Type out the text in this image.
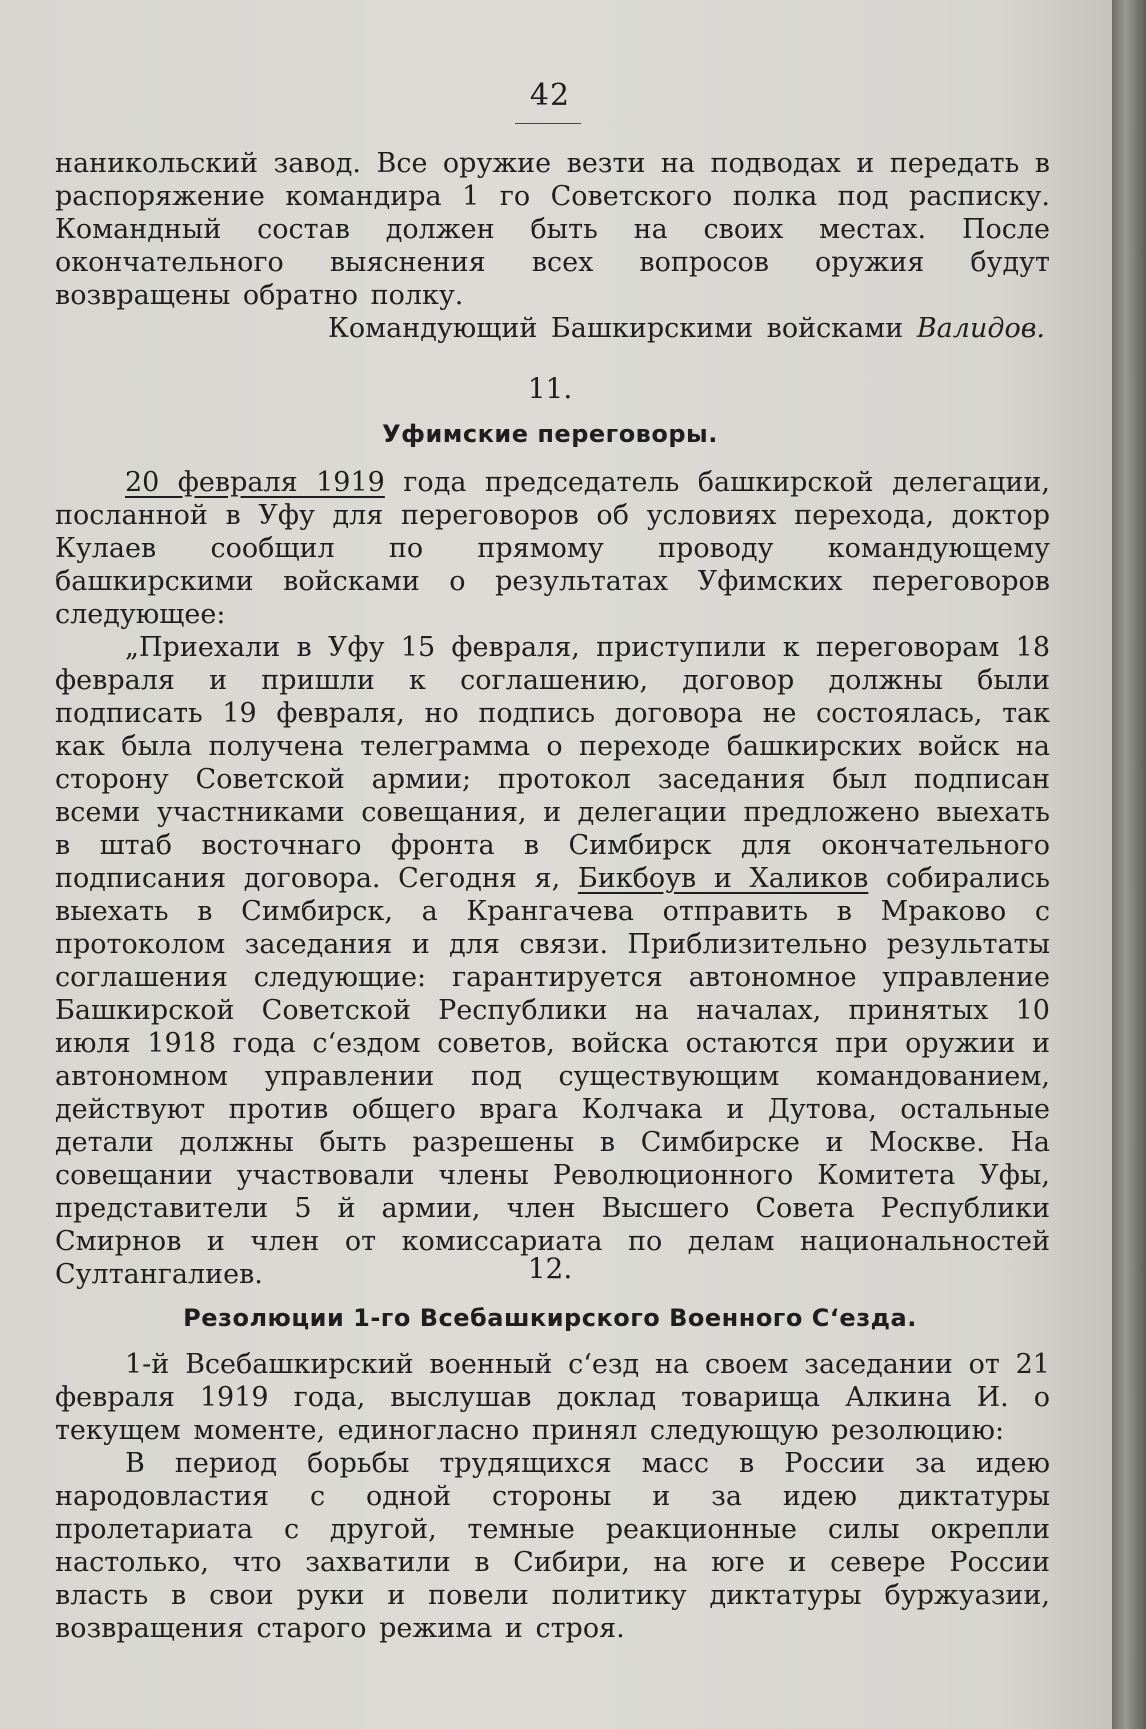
42

наникольский завод. Все оружие везти на подводах и передать в распоряжение командира 1 го Советского полка под расписку. Командный состав должен быть на своих местах. После окончательного выяснения всех вопросов оружия будут возвращены обратно полку.

Командующий Башкирскими войсками Валидов.
11.
Уфимские переговоры.

20 февраля 1919 года председатель башкирской делегации, посланной в Уфу для переговоров об условиях перехода, доктор Кулаев сообщил по прямому проводу командующему башкирскими войсками о результатах Уфимских переговоров следующее:

„Приехали в Уфу 15 февраля, приступили к переговорам 18 февраля и пришли к соглашению, договор должны были подписать 19 февраля, но подпись договора не состоялась, так как была получена телеграмма о переходе башкирских войск на сторону Советской армии; протокол заседания был подписан всеми участниками совещания, и делегации предложено выехать в штаб восточнаго фронта в Симбирск для окончательного подписания договора. Сегодня я, Бикбоув и Халиков собирались выехать в Симбирск, а Крангачева отправить в Мраково с протоколом заседания и для связи. Приблизительно результаты соглашения следующие: гарантируется автономное управление Башкирской Советской Республики на началах, принятых 10 июля 1918 года с‘ездом советов, войска остаются при оружии и автономном управлении под существующим командованием, действуют против общего врага Колчака и Дутова, остальные детали должны быть разрешены в Симбирске и Москве. На совещании участвовали члены Революционного Комитета Уфы, представители 5 й армии, член Высшего Совета Республики Смирнов и член от комиссариата по делам национальностей Султангалиев.	12.
Резолюции 1-го Всебашкирского Военного С‘езда.

1-й Всебашкирский военный с‘езд на своем заседании от 21 февраля 1919 года, выслушав доклад товарища Алкина И. о текущем моменте, единогласно принял следующую резолюцию:

В период борьбы трудящихся масс в России за идею народовластия с одной стороны и за идею диктатуры пролетариата с другой, темные реакционные силы окрепли настолько, что захватили в Сибири, на юге и севере России власть в свои руки и повели политику диктатуры буржуазии, возвращения старого режима и строя.
